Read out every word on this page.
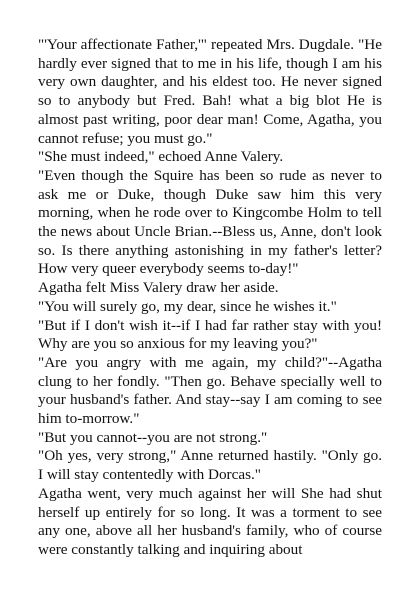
"'Your affectionate Father,'" repeated Mrs. Dugdale. "He hardly ever signed that to me in his life, though I am his very own daughter, and his eldest too. He never signed so to anybody but Fred. Bah! what a big blot He is almost past writing, poor dear man! Come, Agatha, you cannot refuse; you must go."

"She must indeed," echoed Anne Valery.

"Even though the Squire has been so rude as never to ask me or Duke, though Duke saw him this very morning, when he rode over to Kingcombe Holm to tell the news about Uncle Brian.--Bless us, Anne, don't look so. Is there anything astonishing in my father's letter? How very queer everybody seems to-day!"

Agatha felt Miss Valery draw her aside.

"You will surely go, my dear, since he wishes it."

"But if I don't wish it--if I had far rather stay with you! Why are you so anxious for my leaving you?"

"Are you angry with me again, my child?"--Agatha clung to her fondly. "Then go. Behave specially well to your husband's father. And stay--say I am coming to see him to-morrow."

"But you cannot--you are not strong."

"Oh yes, very strong," Anne returned hastily. "Only go. I will stay contentedly with Dorcas."

Agatha went, very much against her will She had shut herself up entirely for so long. It was a torment to see any one, above all her husband's family, who of course were constantly talking and inquiring about
